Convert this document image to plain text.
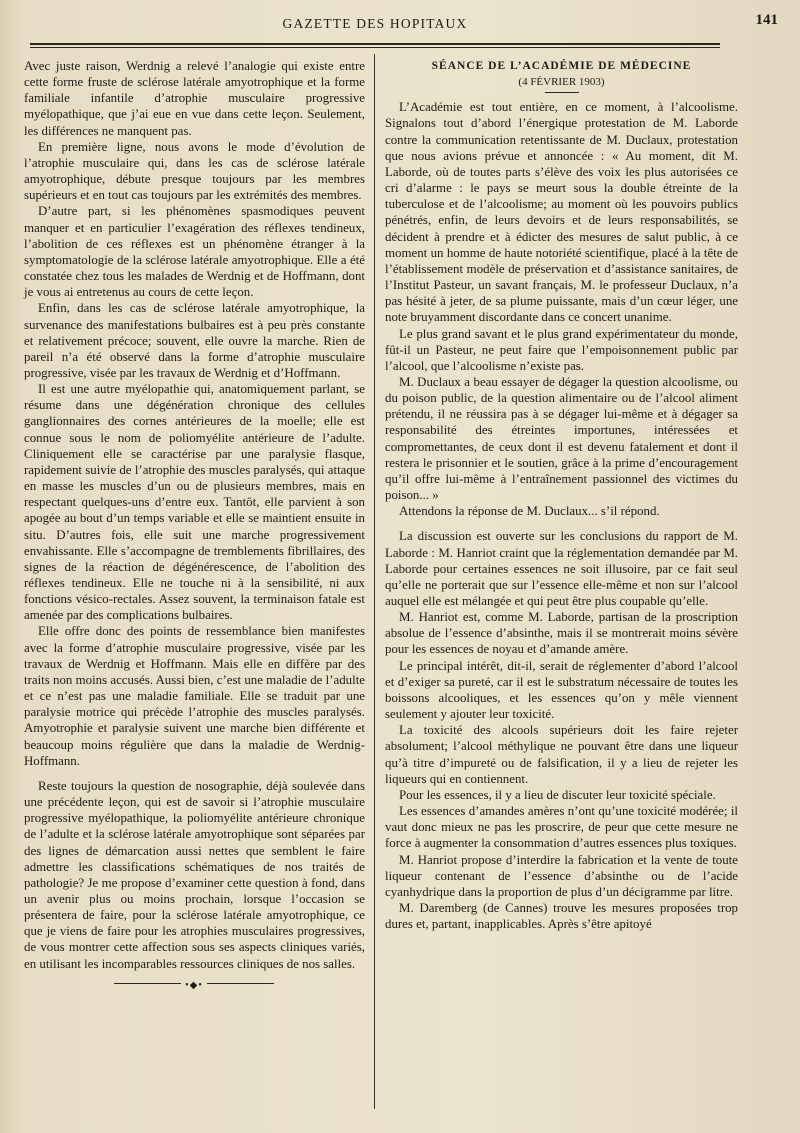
GAZETTE DES HOPITAUX	141

Avec juste raison, Werdnig a relevé l’analogie qui existe entre cette forme fruste de sclérose latérale amyotrophique et la forme familiale infantile d’atrophie musculaire progressive myélopathique, que j’ai eue en vue dans cette leçon. Seulement, les différences ne manquent pas.

En première ligne, nous avons le mode d’évolution de l’atrophie musculaire qui, dans les cas de sclérose latérale amyotrophique, débute presque toujours par les membres supérieurs et en tout cas toujours par les extrémités des membres.

D’autre part, si les phénomènes spasmodiques peuvent manquer et en particulier l’exagération des réflexes tendineux, l’abolition de ces réflexes est un phénomène étranger à la symptomatologie de la sclérose latérale amyotrophique. Elle a été constatée chez tous les malades de Werdnig et de Hoffmann, dont je vous ai entretenus au cours de cette leçon.

Enfin, dans les cas de sclérose latérale amyotrophique, la survenance des manifestations bulbaires est à peu près constante et relativement précoce; souvent, elle ouvre la marche. Rien de pareil n’a été observé dans la forme d’atrophie musculaire progressive, visée par les travaux de Werdnig et d’Hoffmann.

Il est une autre myélopathie qui, anatomiquement parlant, se résume dans une dégénération chronique des cellules ganglionnaires des cornes antérieures de la moelle; elle est connue sous le nom de poliomyélite antérieure de l’adulte. Cliniquement elle se caractérise par une paralysie flasque, rapidement suivie de l’atrophie des muscles paralysés, qui attaque en masse les muscles d’un ou de plusieurs membres, mais en respectant quelques-uns d’entre eux. Tantôt, elle parvient à son apogée au bout d’un temps variable et elle se maintient ensuite in situ. D’autres fois, elle suit une marche progressivement envahissante. Elle s’accompagne de tremblements fibrillaires, des signes de la réaction de dégénérescence, de l’abolition des réflexes tendineux. Elle ne touche ni à la sensibilité, ni aux fonctions vésico-rectales. Assez souvent, la terminaison fatale est amenée par des complications bulbaires.

Elle offre donc des points de ressemblance bien manifestes avec la forme d’atrophie musculaire progressive, visée par les travaux de Werdnig et Hoffmann. Mais elle en diffère par des traits non moins accusés. Aussi bien, c’est une maladie de l’adulte et ce n’est pas une maladie familiale. Elle se traduit par une paralysie motrice qui précède l’atrophie des muscles paralysés. Amyotrophie et paralysie suivent une marche bien différente et beaucoup moins régulière que dans la maladie de Werdnig-Hoffmann.

Reste toujours la question de nosographie, déjà soulevée dans une précédente leçon, qui est de savoir si l’atrophie musculaire progressive myélopathique, la poliomyélite antérieure chronique de l’adulte et la sclérose latérale amyotrophique sont séparées par des lignes de démarcation aussi nettes que semblent le faire admettre les classifications schématiques de nos traités de pathologie? Je me propose d’examiner cette question à fond, dans un avenir plus ou moins prochain, lorsque l’occasion se présentera de faire, pour la sclérose latérale amyotrophique, ce que je viens de faire pour les atrophies musculaires progressives, de vous montrer cette affection sous ses aspects cliniques variés, en utilisant les incomparables ressources cliniques de nos salles.

•◆•

SÉANCE DE L’ACADÉMIE DE MÉDECINE

(4 FÉVRIER 1903)

L’Académie est tout entière, en ce moment, à l’alcoolisme. Signalons tout d’abord l’énergique protestation de M. Laborde contre la communication retentissante de M. Duclaux, protestation que nous avions prévue et annoncée : « Au moment, dit M. Laborde, où de toutes parts s’élève des voix les plus autorisées ce cri d’alarme : le pays se meurt sous la double étreinte de la tuberculose et de l’alcoolisme; au moment où les pouvoirs publics pénétrés, enfin, de leurs devoirs et de leurs responsabilités, se décident à prendre et à édicter des mesures de salut public, à ce moment un homme de haute notoriété scientifique, placé à la tête de l’établissement modèle de préservation et d’assistance sanitaires, de l’Institut Pasteur, un savant français, M. le professeur Duclaux, n’a pas hésité à jeter, de sa plume puissante, mais d’un cœur léger, une note bruyamment discordante dans ce concert unanime.

Le plus grand savant et le plus grand expérimentateur du monde, fût-il un Pasteur, ne peut faire que l’empoisonnement public par l’alcool, que l’alcoolisme n’existe pas.

M. Duclaux a beau essayer de dégager la question alcoolisme, ou du poison public, de la question alimentaire ou de l’alcool aliment prétendu, il ne réussira pas à se dégager lui-même et à dégager sa responsabilité des étreintes importunes, intéressées et compromettantes, de ceux dont il est devenu fatalement et dont il restera le prisonnier et le soutien, grâce à la prime d’encouragement qu’il offre lui-même à l’entraînement passionnel des victimes du poison... »

Attendons la réponse de M. Duclaux... s’il répond.

La discussion est ouverte sur les conclusions du rapport de M. Laborde : M. Hanriot craint que la réglementation demandée par M. Laborde pour certaines essences ne soit illusoire, par ce fait seul qu’elle ne porterait que sur l’essence elle-même et non sur l’alcool auquel elle est mélangée et qui peut être plus coupable qu’elle.

M. Hanriot est, comme M. Laborde, partisan de la proscription absolue de l’essence d’absinthe, mais il se montrerait moins sévère pour les essences de noyau et d’amande amère.

Le principal intérêt, dit-il, serait de réglementer d’abord l’alcool et d’exiger sa pureté, car il est le substratum nécessaire de toutes les boissons alcooliques, et les essences qu’on y mêle viennent seulement y ajouter leur toxicité.

La toxicité des alcools supérieurs doit les faire rejeter absolument; l’alcool méthylique ne pouvant être dans une liqueur qu’à titre d’impureté ou de falsification, il y a lieu de rejeter les liqueurs qui en contiennent.

Pour les essences, il y a lieu de discuter leur toxicité spéciale.

Les essences d’amandes amères n’ont qu’une toxicité modérée; il vaut donc mieux ne pas les proscrire, de peur que cette mesure ne force à augmenter la consommation d’autres essences plus toxiques.

M. Hanriot propose d’interdire la fabrication et la vente de toute liqueur contenant de l’essence d’absinthe ou de l’acide cyanhydrique dans la proportion de plus d’un décigramme par litre.

M. Daremberg (de Cannes) trouve les mesures proposées trop dures et, partant, inapplicables. Après s’être apitoyé
